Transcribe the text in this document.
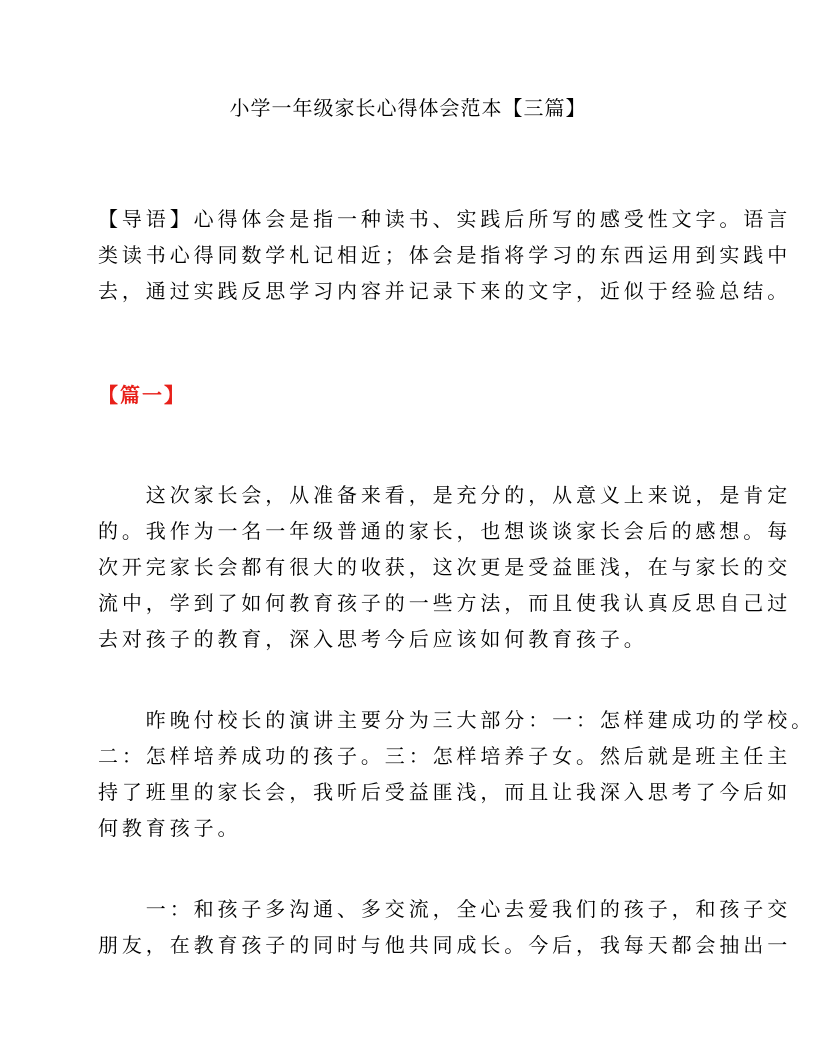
小学一年级家长心得体会范本【三篇】

【导语】心得体会是指一种读书、实践后所写的感受性文字。语言
类读书心得同数学札记相近；体会是指将学习的东西运用到实践中
去，通过实践反思学习内容并记录下来的文字，近似于经验总结。

【篇一】

　　这次家长会，从准备来看，是充分的，从意义上来说，是肯定
的。我作为一名一年级普通的家长，也想谈谈家长会后的感想。每
次开完家长会都有很大的收获，这次更是受益匪浅，在与家长的交
流中，学到了如何教育孩子的一些方法，而且使我认真反思自己过
去对孩子的教育，深入思考今后应该如何教育孩子。

　　昨晚付校长的演讲主要分为三大部分：一：怎样建成功的学校。
二：怎样培养成功的孩子。三：怎样培养子女。然后就是班主任主
持了班里的家长会，我听后受益匪浅，而且让我深入思考了今后如
何教育孩子。

　　一：和孩子多沟通、多交流，全心去爱我们的孩子，和孩子交
朋友，在教育孩子的同时与他共同成长。今后，我每天都会抽出一
